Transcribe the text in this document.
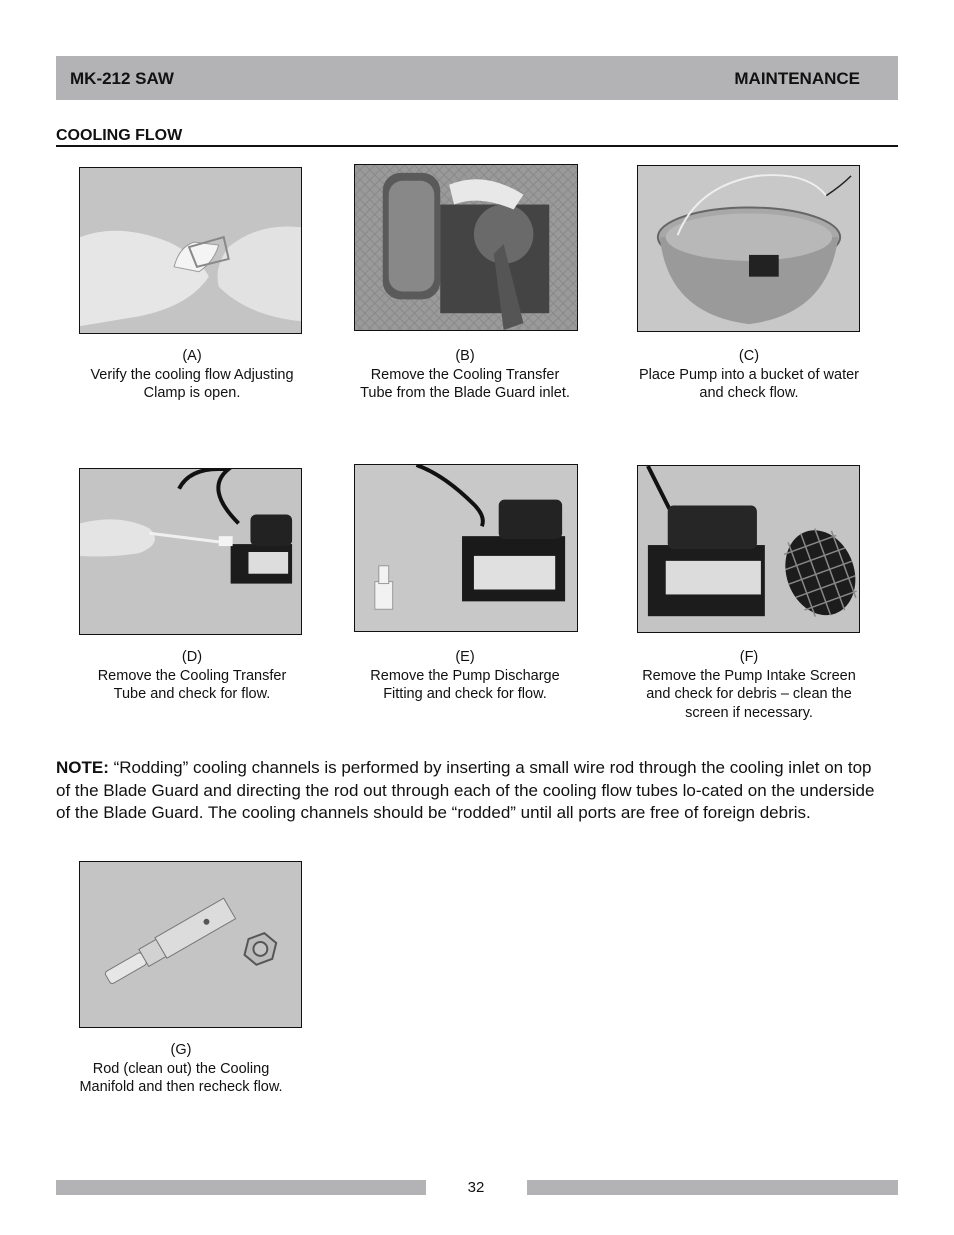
MK-212 SAW	MAINTENANCE
COOLING FLOW
(A)
Verify the cooling flow Adjusting
Clamp is open.
(B)
Remove the Cooling Transfer
Tube from the Blade Guard inlet.
(C)
Place Pump into a bucket of water
and check flow.
(D)
Remove the Cooling Transfer
Tube and check for flow.
(E)
Remove the Pump Discharge
Fitting and check for flow.
(F)
Remove the Pump Intake Screen
and check for debris – clean the
screen if necessary.
NOTE: “Rodding” cooling channels is performed by inserting a small wire rod through the cooling inlet on top of the Blade Guard and directing the rod out through each of the cooling flow tubes lo-cated on the underside of the Blade Guard. The cooling channels should be “rodded” until all ports are free of foreign debris.
(G)
Rod (clean out) the Cooling
Manifold and then recheck flow.
32
